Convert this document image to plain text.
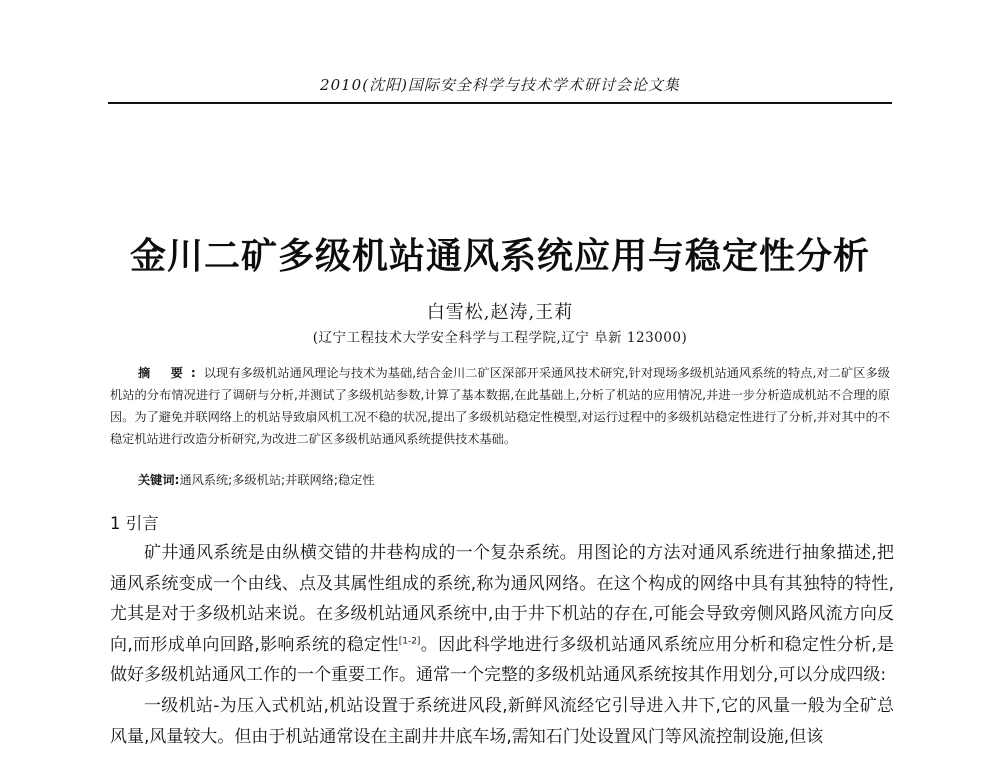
2010(沈阳)国际安全科学与技术学术研讨会论文集
金川二矿多级机站通风系统应用与稳定性分析
白雪松,赵涛,王莉
(辽宁工程技术大学安全科学与工程学院,辽宁 阜新 123000)
摘 要:以现有多级机站通风理论与技术为基础,结合金川二矿区深部开采通风技术研究,针对现场多级机站通风系统的特点,对二矿区多级机站的分布情况进行了调研与分析,并测试了多级机站参数,计算了基本数据,在此基础上,分析了机站的应用情况,并进一步分析造成机站不合理的原因。为了避免并联网络上的机站导致扇风机工况不稳的状况,提出了多级机站稳定性模型,对运行过程中的多级机站稳定性进行了分析,并对其中的不稳定机站进行改造分析研究,为改进二矿区多级机站通风系统提供技术基础。
关键词:通风系统;多级机站;并联网络;稳定性
1 引言

矿井通风系统是由纵横交错的井巷构成的一个复杂系统。用图论的方法对通风系统进行抽象描述,把通风系统变成一个由线、点及其属性组成的系统,称为通风网络。在这个构成的网络中具有其独特的特性,尤其是对于多级机站来说。在多级机站通风系统中,由于井下机站的存在,可能会导致旁侧风路风流方向反向,而形成单向回路,影响系统的稳定性[1-2]。因此科学地进行多级机站通风系统应用分析和稳定性分析,是做好多级机站通风工作的一个重要工作。通常一个完整的多级机站通风系统按其作用划分,可以分成四级:

一级机站-为压入式机站,机站设置于系统进风段,新鲜风流经它引导进入井下,它的风量一般为全矿总风量,风量较大。但由于机站通常设在主副井井底车场,需知石门处设置风门等风流控制设施,但该
